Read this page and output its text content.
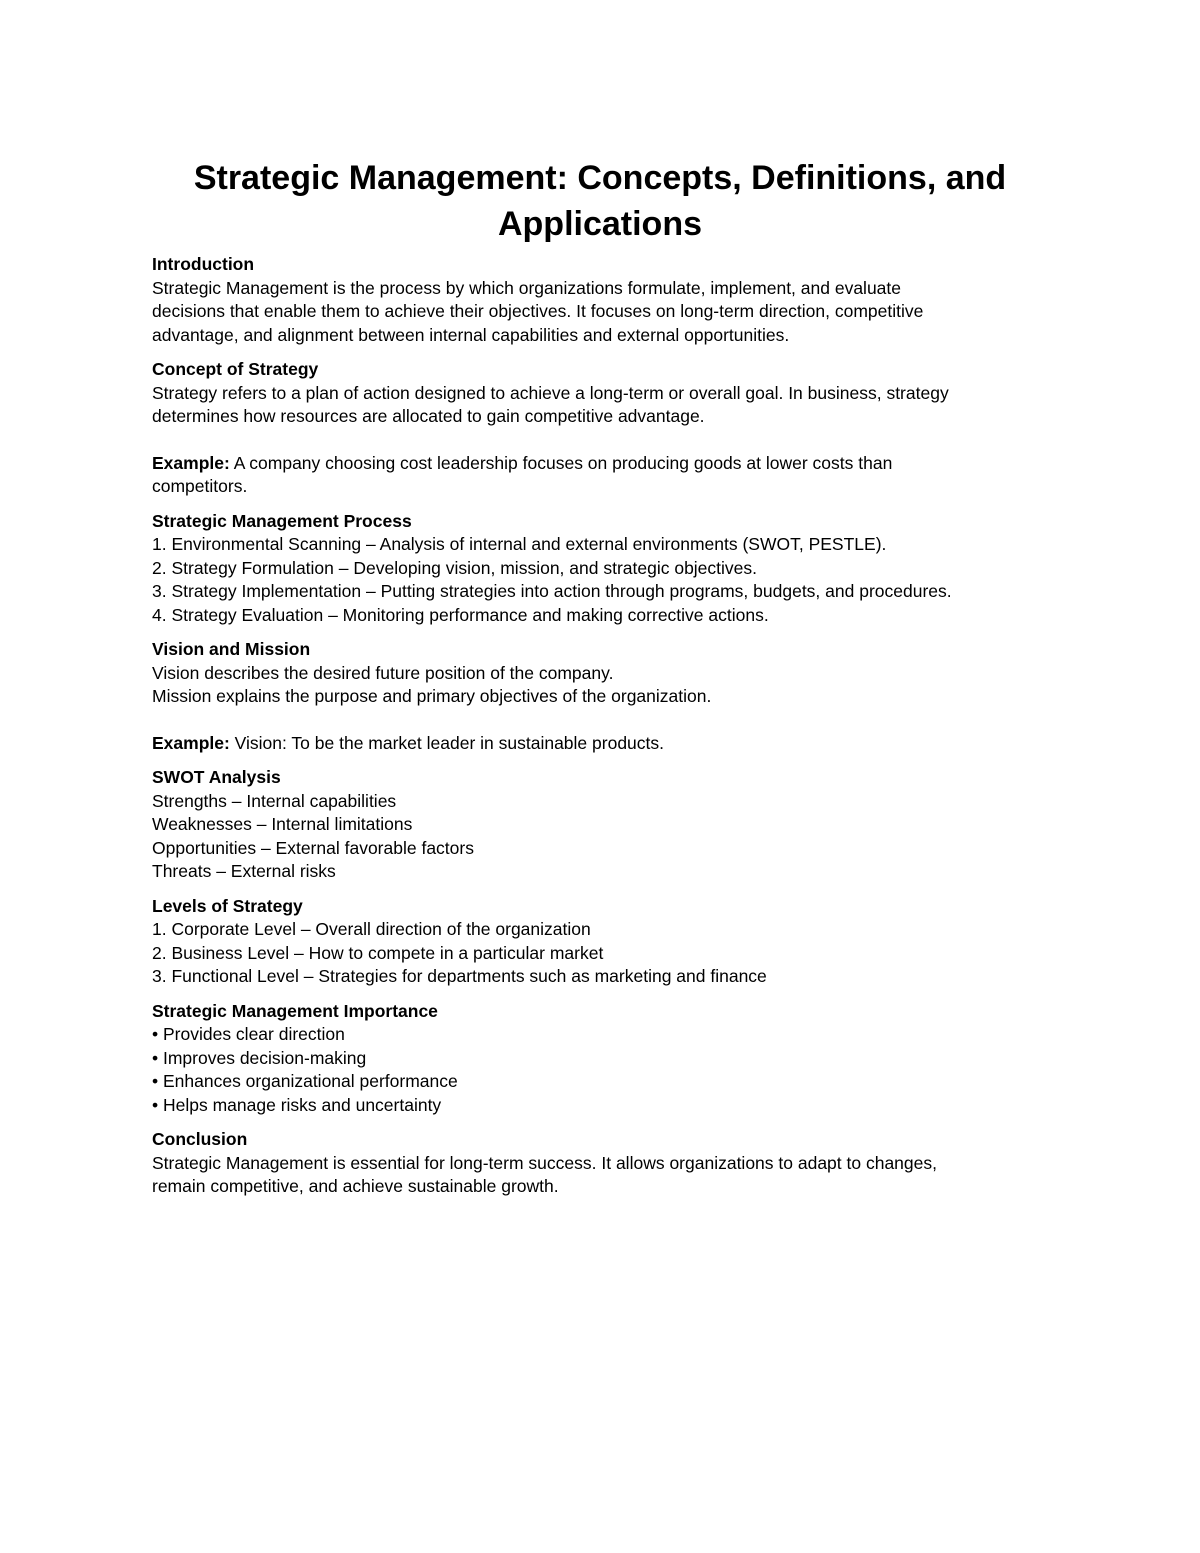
Strategic Management: Concepts, Definitions, and Applications
Introduction
Strategic Management is the process by which organizations formulate, implement, and evaluate
decisions that enable them to achieve their objectives. It focuses on long-term direction, competitive
advantage, and alignment between internal capabilities and external opportunities.
Concept of Strategy
Strategy refers to a plan of action designed to achieve a long-term or overall goal. In business, strategy
determines how resources are allocated to gain competitive advantage.
Example: A company choosing cost leadership focuses on producing goods at lower costs than
competitors.
Strategic Management Process
1. Environmental Scanning – Analysis of internal and external environments (SWOT, PESTLE).
2. Strategy Formulation – Developing vision, mission, and strategic objectives.
3. Strategy Implementation – Putting strategies into action through programs, budgets, and procedures.
4. Strategy Evaluation – Monitoring performance and making corrective actions.
Vision and Mission
Vision describes the desired future position of the company.
Mission explains the purpose and primary objectives of the organization.
Example: Vision: To be the market leader in sustainable products.
SWOT Analysis
Strengths – Internal capabilities
Weaknesses – Internal limitations
Opportunities – External favorable factors
Threats – External risks
Levels of Strategy
1. Corporate Level – Overall direction of the organization
2. Business Level – How to compete in a particular market
3. Functional Level – Strategies for departments such as marketing and finance
Strategic Management Importance
• Provides clear direction
• Improves decision-making
• Enhances organizational performance
• Helps manage risks and uncertainty
Conclusion
Strategic Management is essential for long-term success. It allows organizations to adapt to changes,
remain competitive, and achieve sustainable growth.
